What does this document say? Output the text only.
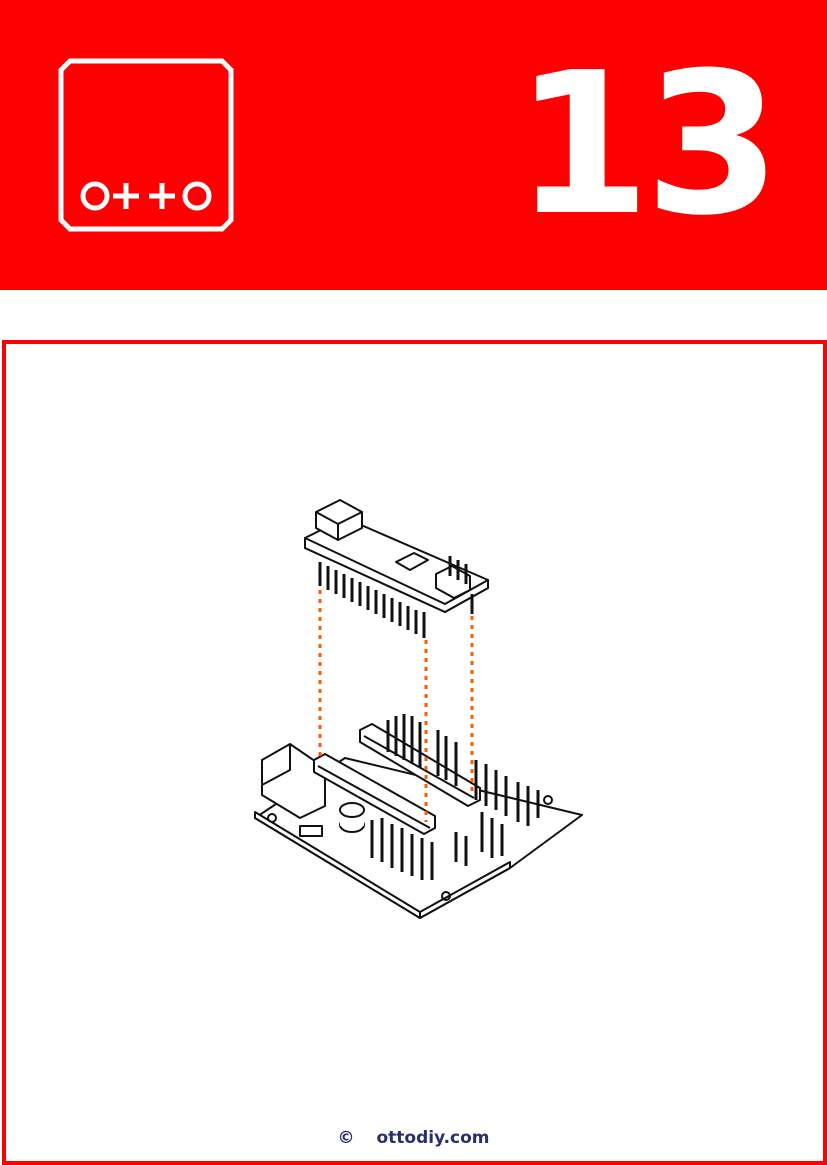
13
© ottodiy.com
